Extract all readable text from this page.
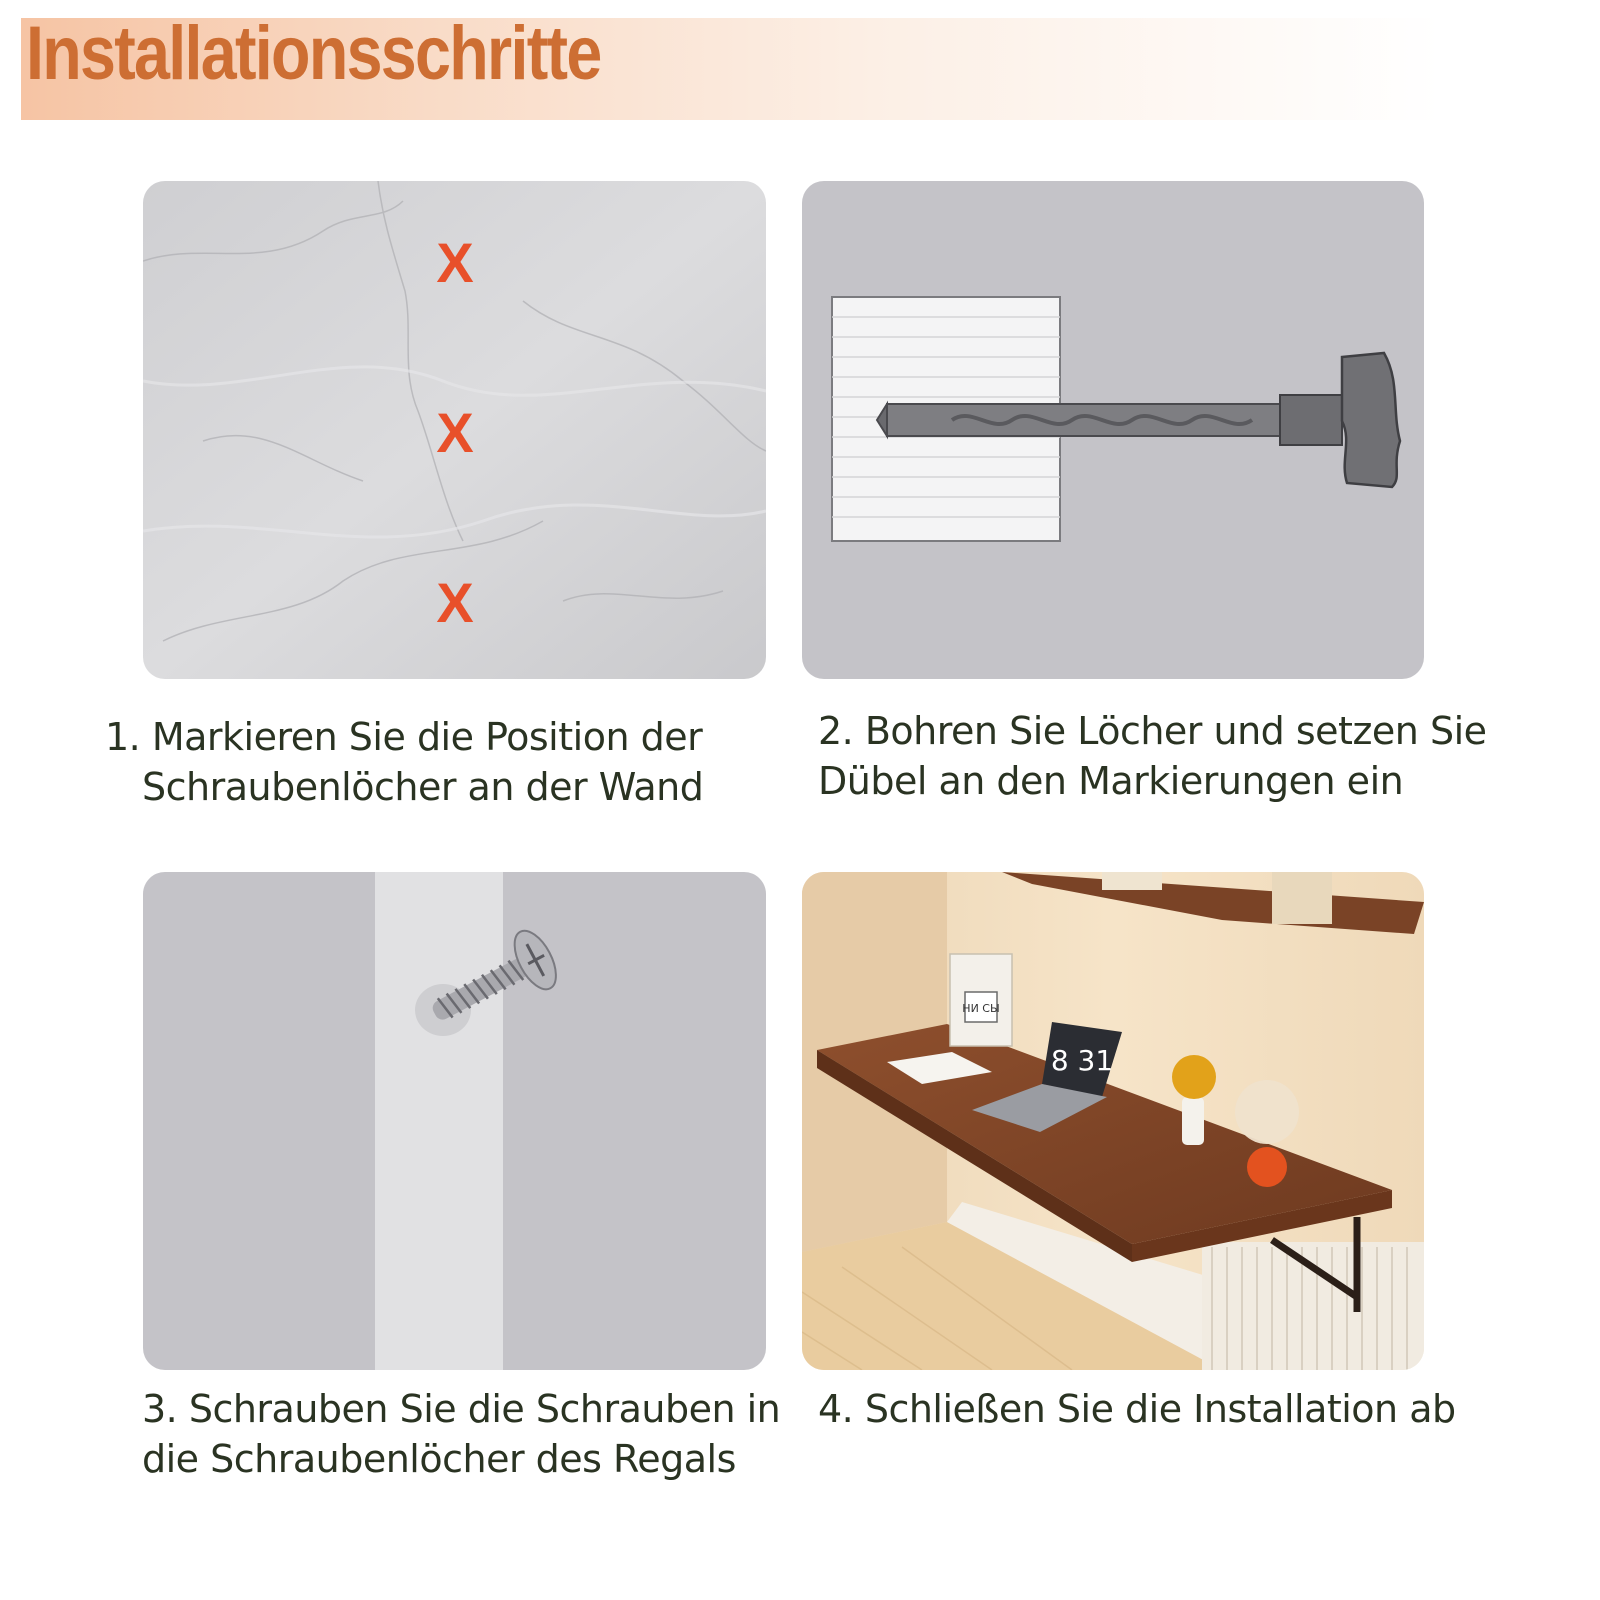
Installationsschritte
X
X
X
НИ СЫ
8 31
1. Markieren Sie die Position der
Schraubenlöcher an der Wand
2. Bohren Sie Löcher und setzen Sie
Dübel an den Markierungen ein
3. Schrauben Sie die Schrauben in
die Schraubenlöcher des Regals
4. Schließen Sie die Installation ab
